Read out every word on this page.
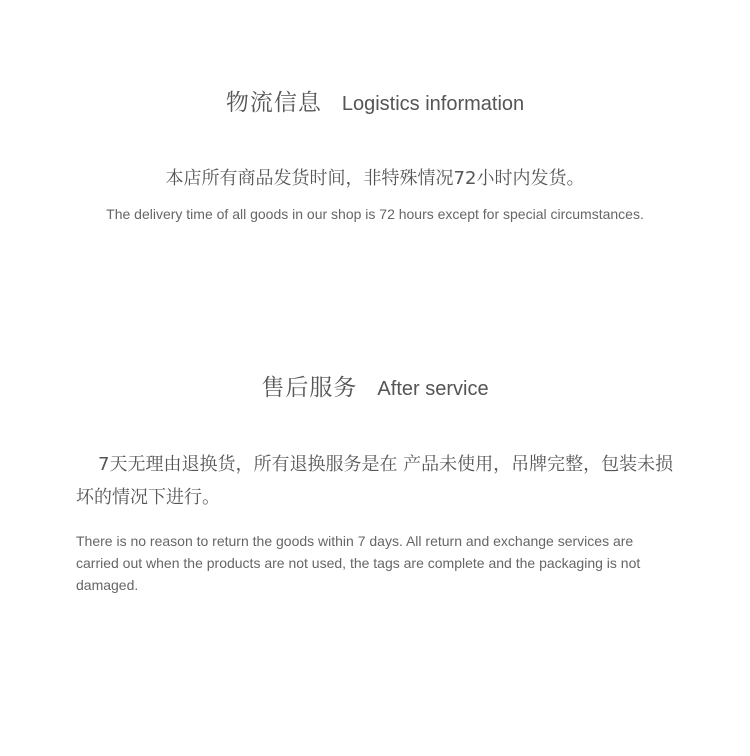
物流信息 Logistics information
本店所有商品发货时间，非特殊情况72小时内发货。
The delivery time of all goods in our shop is 72 hours except for special circumstances.
售后服务 After service
7天无理由退换货，所有退换服务是在 产品未使用，吊牌完整，包装未损坏的情况下进行。
There is no reason to return the goods within 7 days. All return and exchange services are carried out when the products are not used, the tags are complete and the packaging is not damaged.
